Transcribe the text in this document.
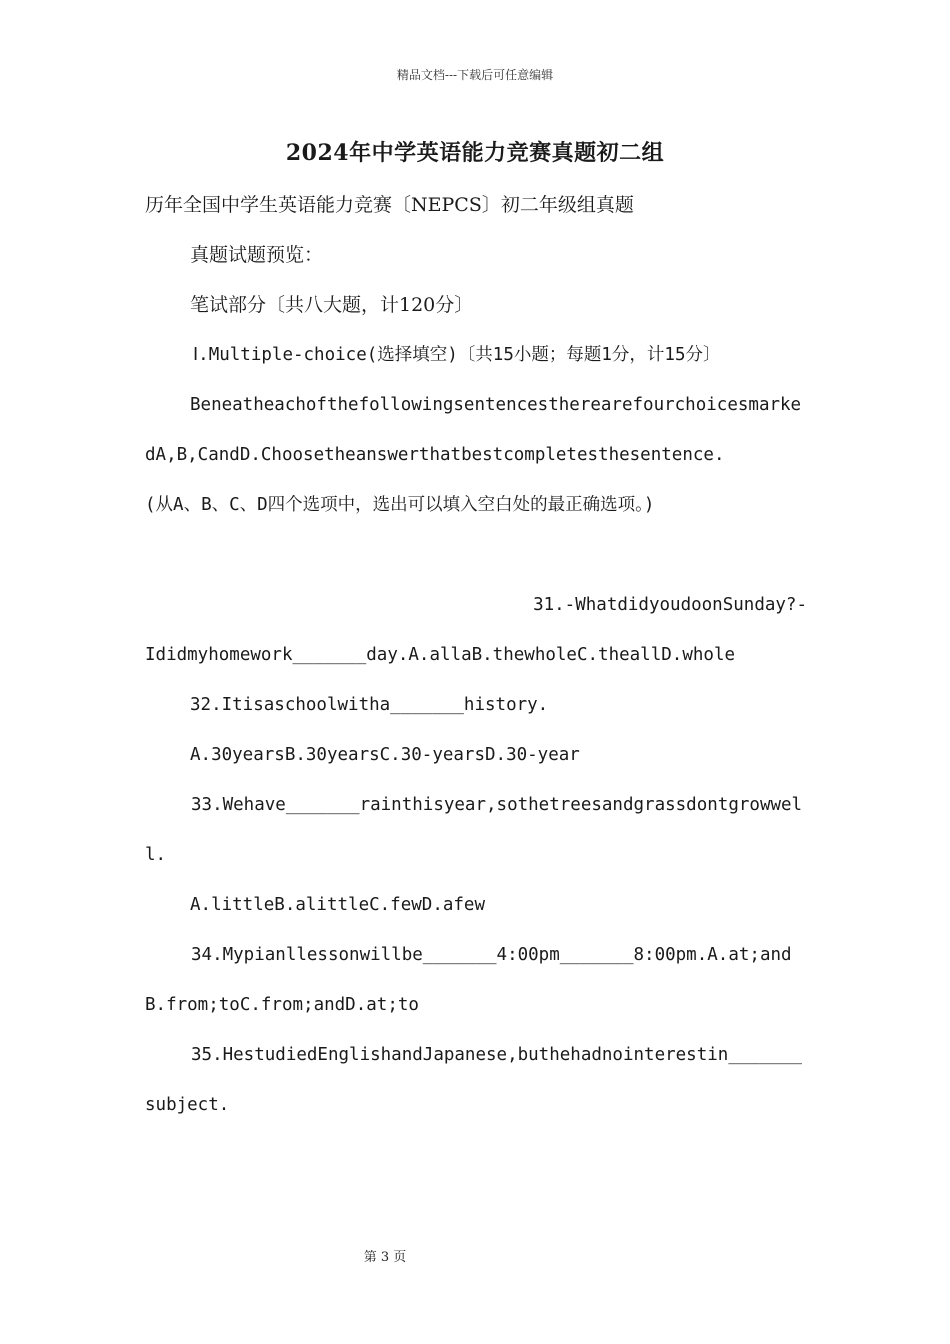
精品文档---下载后可任意编辑
2024年中学英语能力竞赛真题初二组

历年全国中学生英语能力竞赛〔NEPCS〕初二年级组真题

真题试题预览：

笔试部分〔共八大题，计120分〕

Ⅰ.Multiple-choice(选择填空)〔共15小题；每题1分，计15分〕

BeneatheachofthefollowingsentencestherearefourchoicesmarkedA,B,CandD.Choosetheanswerthatbestcompletesthesentence.

(从A、B、C、D四个选项中，选出可以填入空白处的最正确选项。)

31.-WhatdidyoudoonSunday?-

Ididmyhomework_______day.A.allaB.thewholeC.theallD.whole

32.Itisaschoolwitha_______history.

A.30yearsB.30yearsC.30-yearsD.30-year

33.Wehave_______rainthisyear,sothetreesandgrassdontgrowwell.

A.littleB.alittleC.fewD.afew

34.Mypianllessonwillbe_______4:00pm_______8:00pm.A.at;andB.from;toC.from;andD.at;to

35.HestudiedEnglishandJapanese,buthehadnointerestin_______subject.

第 3 页
